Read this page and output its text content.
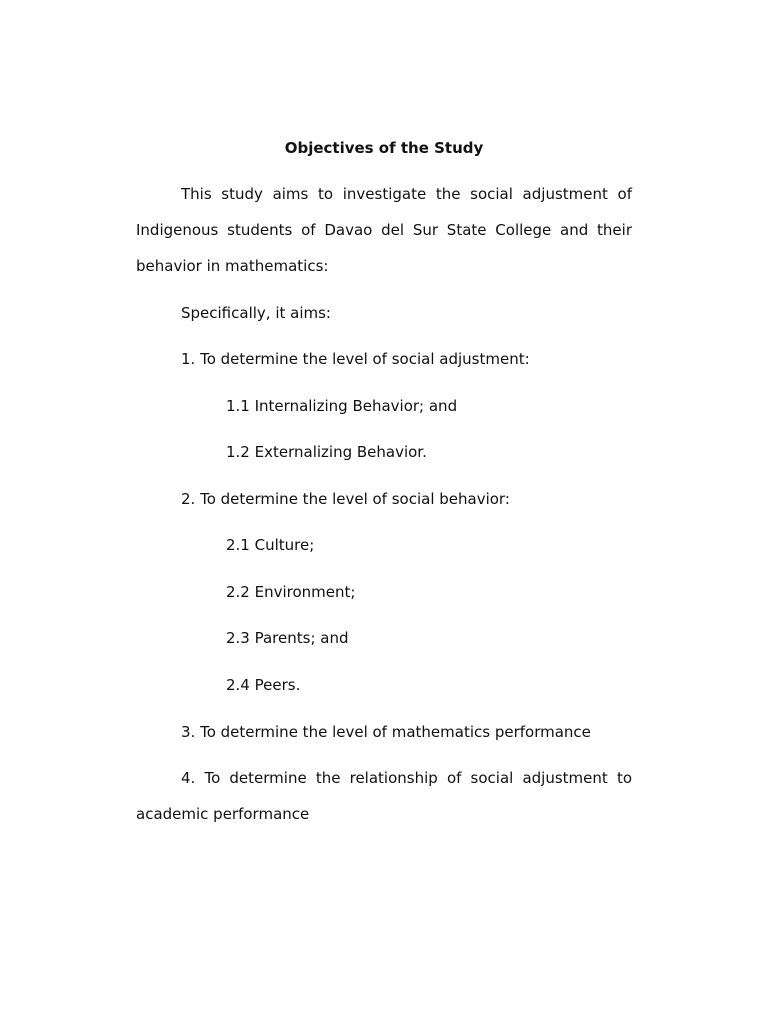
Objectives of the Study
This study aims to investigate the social adjustment of Indigenous students of Davao del Sur State College and their behavior in mathematics:
Specifically, it aims:
1. To determine the level of social adjustment:
1.1 Internalizing Behavior; and
1.2 Externalizing Behavior.
2. To determine the level of social behavior:
2.1 Culture;
2.2 Environment;
2.3 Parents; and
2.4 Peers.
3. To determine the level of mathematics performance
4. To determine the relationship of social adjustment to academic performance
